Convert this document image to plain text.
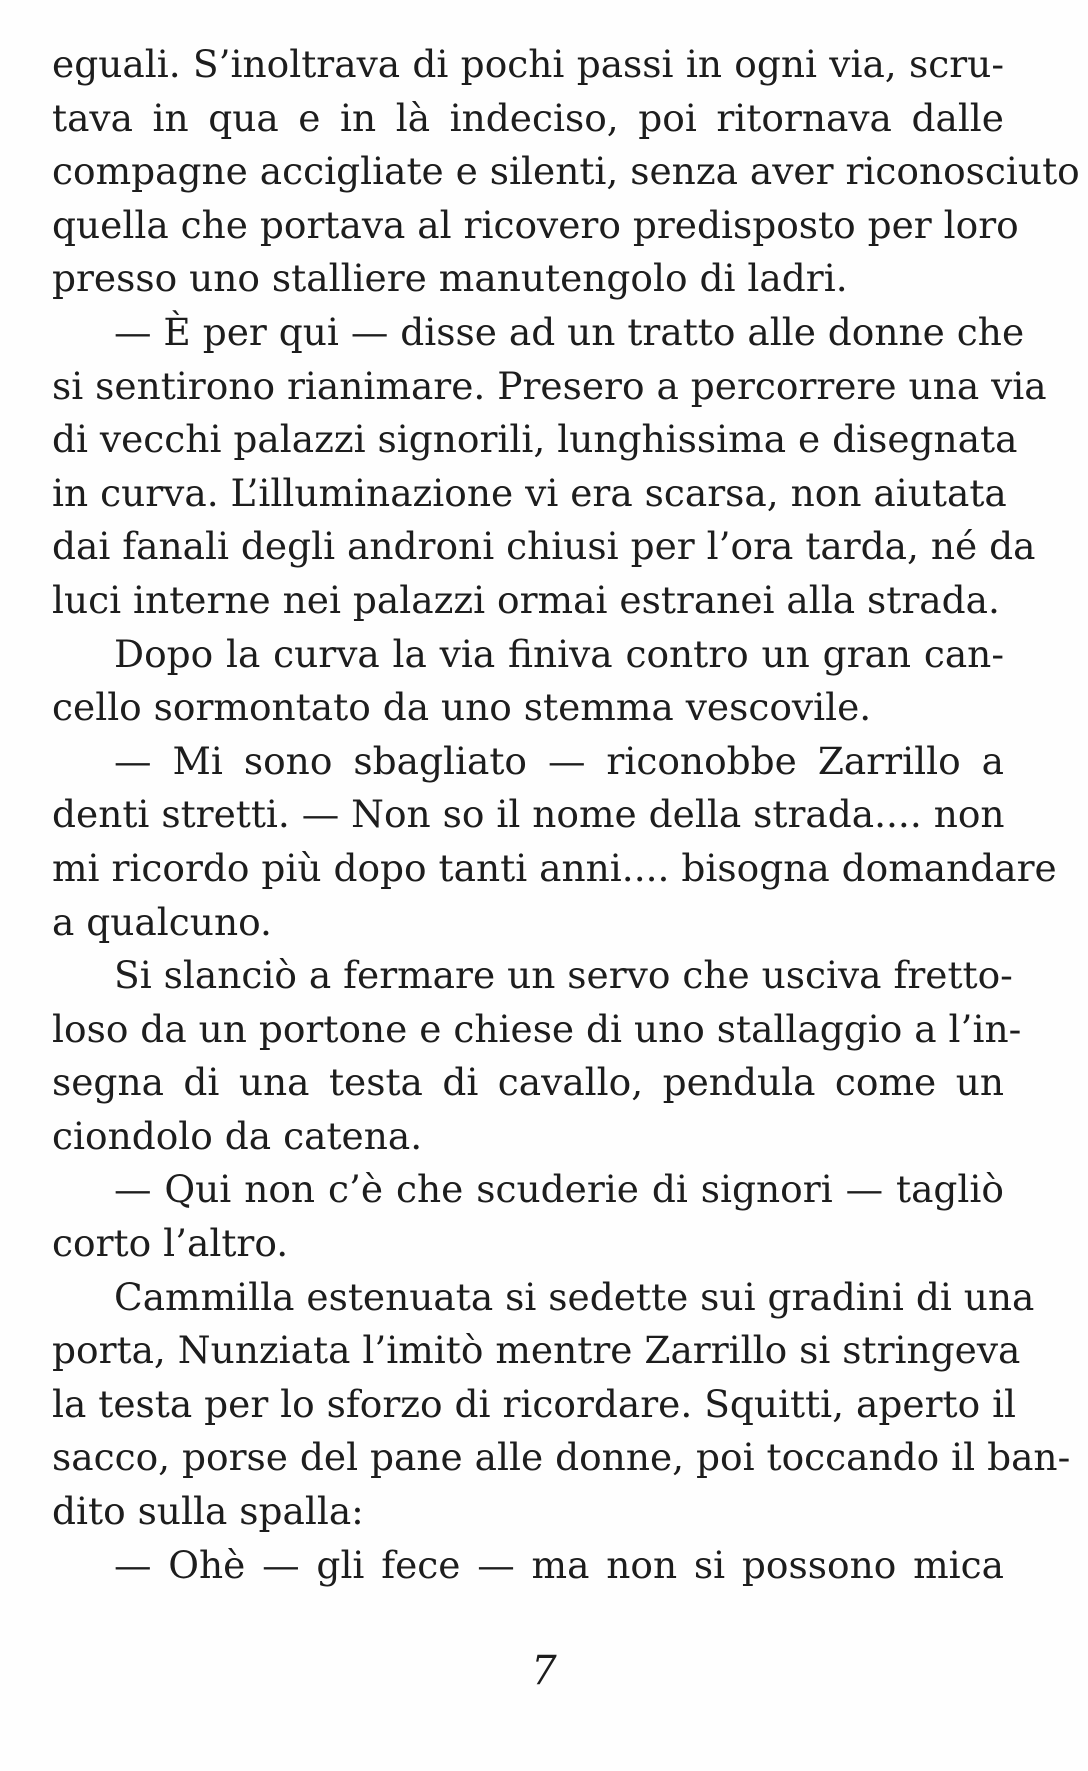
eguali. S’inoltrava di pochi passi in ogni via, scru-
tava in qua e in là indeciso, poi ritornava dalle
compagne accigliate e silenti, senza aver riconosciuto
quella che portava al ricovero predisposto per loro
presso uno stalliere manutengolo di ladri.
— È per qui — disse ad un tratto alle donne che
si sentirono rianimare. Presero a percorrere una via
di vecchi palazzi signorili, lunghissima e disegnata
in curva. L’illuminazione vi era scarsa, non aiutata
dai fanali degli androni chiusi per l’ora tarda, né da
luci interne nei palazzi ormai estranei alla strada.
Dopo la curva la via finiva contro un gran can-
cello sormontato da uno stemma vescovile.
— Mi sono sbagliato — riconobbe Zarrillo a
denti stretti. — Non so il nome della strada.... non
mi ricordo più dopo tanti anni.... bisogna domandare
a qualcuno.
Si slanciò a fermare un servo che usciva fretto-
loso da un portone e chiese di uno stallaggio a l’in-
segna di una testa di cavallo, pendula come un
ciondolo da catena.
— Qui non c’è che scuderie di signori — tagliò
corto l’altro.
Cammilla estenuata si sedette sui gradini di una
porta, Nunziata l’imitò mentre Zarrillo si stringeva
la testa per lo sforzo di ricordare. Squitti, aperto il
sacco, porse del pane alle donne, poi toccando il ban-
dito sulla spalla:
— Ohè — gli fece — ma non si possono mica
7
